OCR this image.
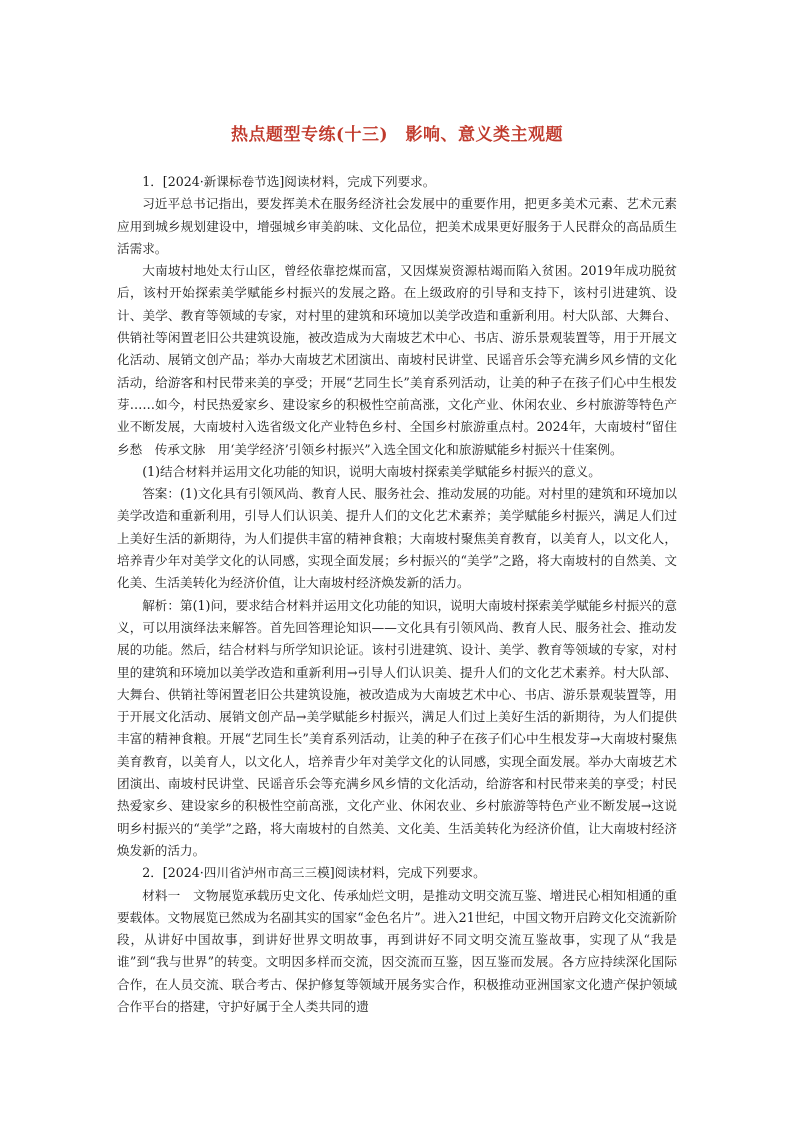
热点题型专练(十三)　影响、意义类主观题

1．[2024·新课标卷节选]阅读材料，完成下列要求。

习近平总书记指出，要发挥美术在服务经济社会发展中的重要作用，把更多美术元素、艺术元素应用到城乡规划建设中，增强城乡审美韵味、文化品位，把美术成果更好服务于人民群众的高品质生活需求。

大南坡村地处太行山区，曾经依靠挖煤而富，又因煤炭资源枯竭而陷入贫困。2019年成功脱贫后，该村开始探索美学赋能乡村振兴的发展之路。在上级政府的引导和支持下，该村引进建筑、设计、美学、教育等领域的专家，对村里的建筑和环境加以美学改造和重新利用。村大队部、大舞台、供销社等闲置老旧公共建筑设施，被改造成为大南坡艺术中心、书店、游乐景观装置等，用于开展文化活动、展销文创产品；举办大南坡艺术团演出、南坡村民讲堂、民谣音乐会等充满乡风乡情的文化活动，给游客和村民带来美的享受；开展“艺同生长”美育系列活动，让美的种子在孩子们心中生根发芽……如今，村民热爱家乡、建设家乡的积极性空前高涨，文化产业、休闲农业、乡村旅游等特色产业不断发展，大南坡村入选省级文化产业特色乡村、全国乡村旅游重点村。2024年，大南坡村“留住乡愁　传承文脉　用‘美学经济’引领乡村振兴”入选全国文化和旅游赋能乡村振兴十佳案例。

(1)结合材料并运用文化功能的知识，说明大南坡村探索美学赋能乡村振兴的意义。

答案：(1)文化具有引领风尚、教育人民、服务社会、推动发展的功能。对村里的建筑和环境加以美学改造和重新利用，引导人们认识美、提升人们的文化艺术素养；美学赋能乡村振兴，满足人们过上美好生活的新期待，为人们提供丰富的精神食粮；大南坡村聚焦美育教育，以美育人，以文化人，培养青少年对美学文化的认同感，实现全面发展；乡村振兴的“美学”之路，将大南坡村的自然美、文化美、生活美转化为经济价值，让大南坡村经济焕发新的活力。

解析：第(1)问，要求结合材料并运用文化功能的知识，说明大南坡村探索美学赋能乡村振兴的意义，可以用演绎法来解答。首先回答理论知识——文化具有引领风尚、教育人民、服务社会、推动发展的功能。然后，结合材料与所学知识论证。该村引进建筑、设计、美学、教育等领域的专家，对村里的建筑和环境加以美学改造和重新利用→引导人们认识美、提升人们的文化艺术素养。村大队部、大舞台、供销社等闲置老旧公共建筑设施，被改造成为大南坡艺术中心、书店、游乐景观装置等，用于开展文化活动、展销文创产品→美学赋能乡村振兴，满足人们过上美好生活的新期待，为人们提供丰富的精神食粮。开展“艺同生长”美育系列活动，让美的种子在孩子们心中生根发芽→大南坡村聚焦美育教育，以美育人，以文化人，培养青少年对美学文化的认同感，实现全面发展。举办大南坡艺术团演出、南坡村民讲堂、民谣音乐会等充满乡风乡情的文化活动，给游客和村民带来美的享受；村民热爱家乡、建设家乡的积极性空前高涨，文化产业、休闲农业、乡村旅游等特色产业不断发展→这说明乡村振兴的“美学”之路，将大南坡村的自然美、文化美、生活美转化为经济价值，让大南坡村经济焕发新的活力。

2．[2024·四川省泸州市高三三模]阅读材料，完成下列要求。

材料一　文物展览承载历史文化、传承灿烂文明，是推动文明交流互鉴、增进民心相知相通的重要载体。文物展览已然成为名副其实的国家“金色名片”。进入21世纪，中国文物开启跨文化交流新阶段，从讲好中国故事，到讲好世界文明故事，再到讲好不同文明交流互鉴故事，实现了从“我是谁”到“我与世界”的转变。文明因多样而交流，因交流而互鉴，因互鉴而发展。各方应持续深化国际合作，在人员交流、联合考古、保护修复等领域开展务实合作，积极推动亚洲国家文化遗产保护领域合作平台的搭建，守护好属于全人类共同的遗
